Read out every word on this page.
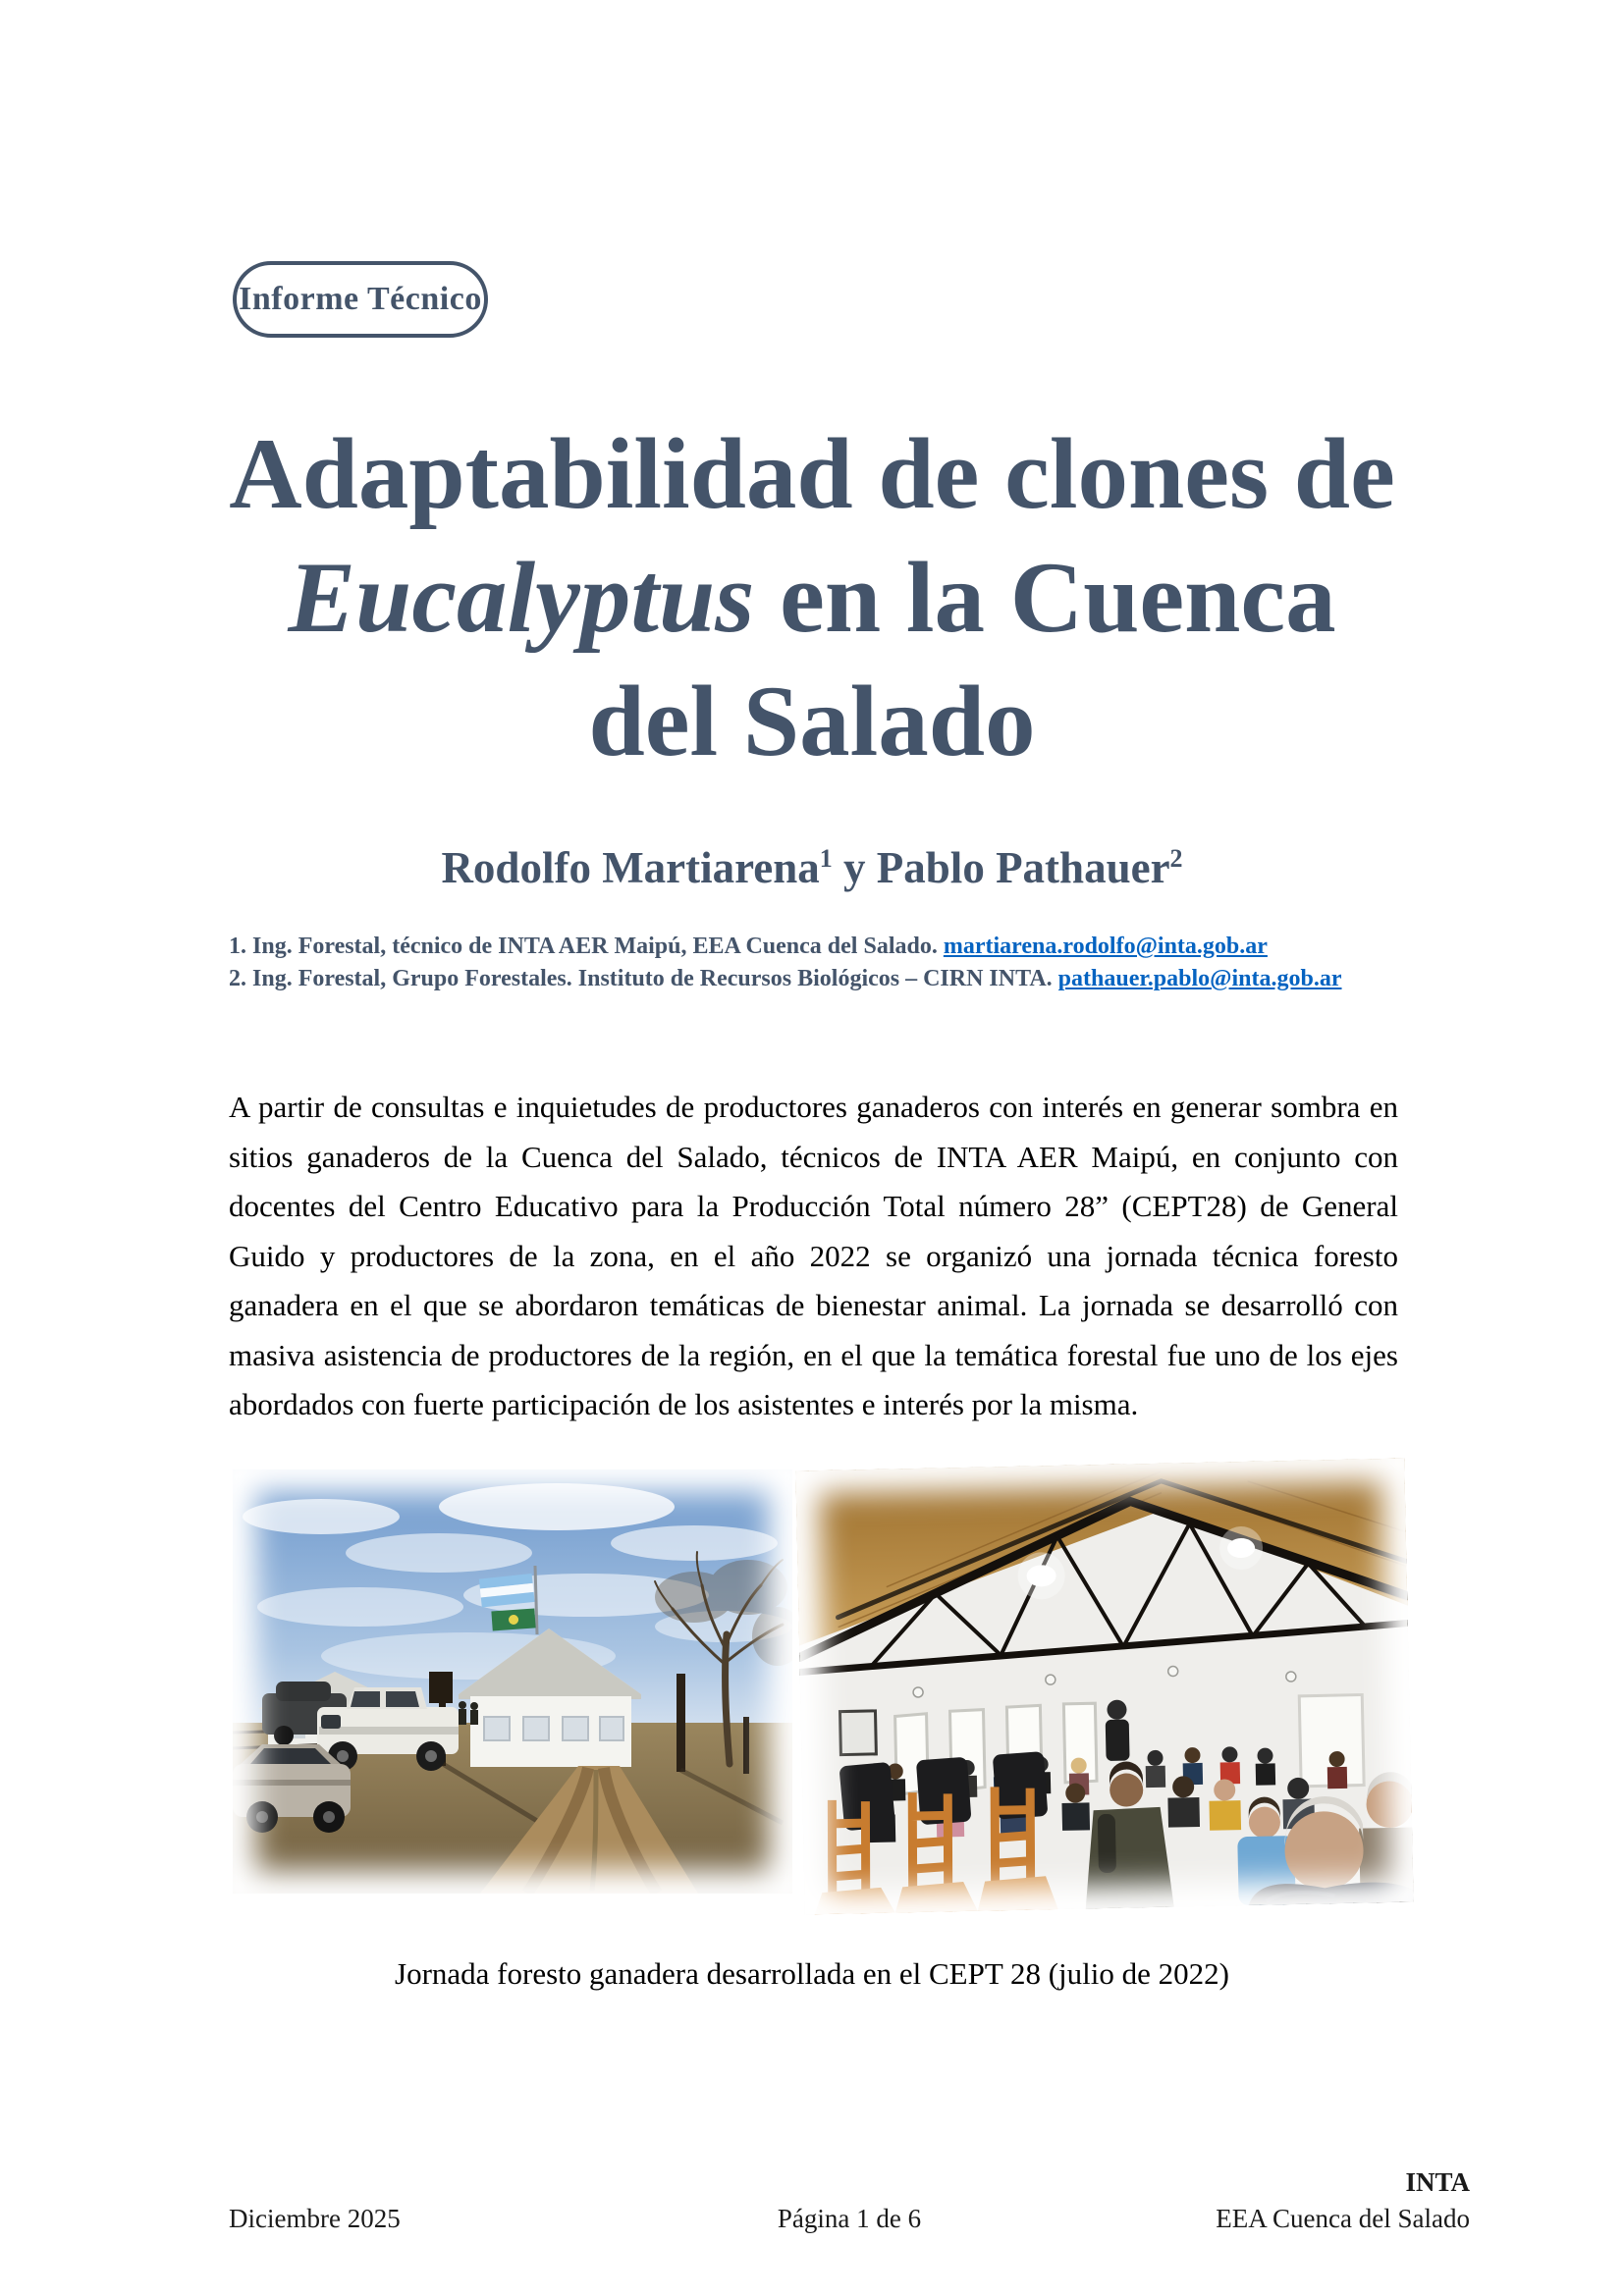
Informe Técnico
Adaptabilidad de clones de
Eucalyptus en la Cuenca
del Salado
Rodolfo Martiarena$^1$ y Pablo Pathauer$^2$
1. Ing. Forestal, técnico de INTA AER Maipú, EEA Cuenca del Salado. martiarena.rodolfo@inta.gob.ar
2. Ing. Forestal, Grupo Forestales. Instituto de Recursos Biológicos – CIRN INTA. pathauer.pablo@inta.gob.ar

A partir de consultas e inquietudes de productores ganaderos con interés en generar sombra en sitios ganaderos de la Cuenca del Salado, técnicos de INTA AER Maipú, en conjunto con docentes del Centro Educativo para la Producción Total número 28” (CEPT28) de General Guido y productores de la zona, en el año 2022 se organizó una jornada técnica foresto ganadera en el que se abordaron temáticas de bienestar animal. La jornada se desarrolló con masiva asistencia de productores de la región, en el que la temática forestal fue uno de los ejes abordados con fuerte participación de los asistentes e interés por la misma.

Jornada foresto ganadera desarrollada en el CEPT 28 (julio de 2022)
INTA
Diciembre 2025	Página 1 de 6	EEA Cuenca del Salado
